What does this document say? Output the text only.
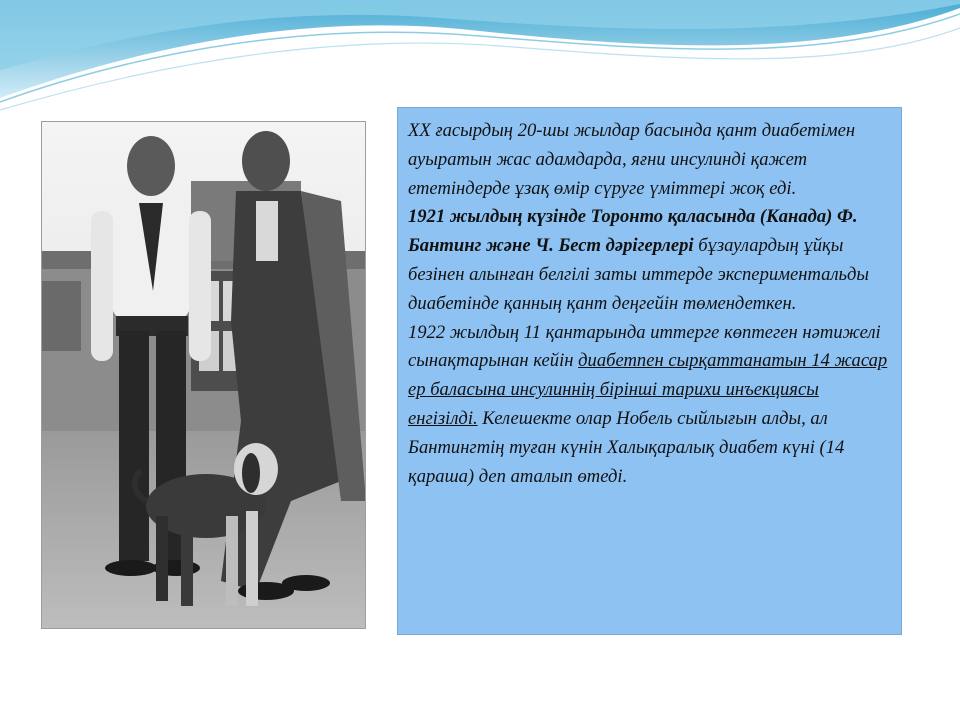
XX ғасырдың 20-шы жылдар басында қант диабетімен ауыратын жас адамдарда, яғни инсулинді қажет ететіндерде ұзақ өмір сүруге үміттері жоқ еді.

1921 жылдың күзінде Торонто қаласында (Канада) Ф. Бантинг және Ч. Бест дәрігерлері бұзаулардың ұйқы безінен алынған белгілі заты иттерде экспериментальды диабетінде қанның қант деңгейін төмендеткен.

1922 жылдың 11 қантарында иттерге көптеген нәтижелі сынақтарынан кейін диабетпен сырқаттанатын 14 жасар ер баласына инсулиннің бірінші тарихи инъекциясы енгізілді. Келешекте олар Нобель сыйлығын алды, ал Бантингтің туған күнін Халықаралық диабет күні (14 қараша) деп аталып өтеді.
